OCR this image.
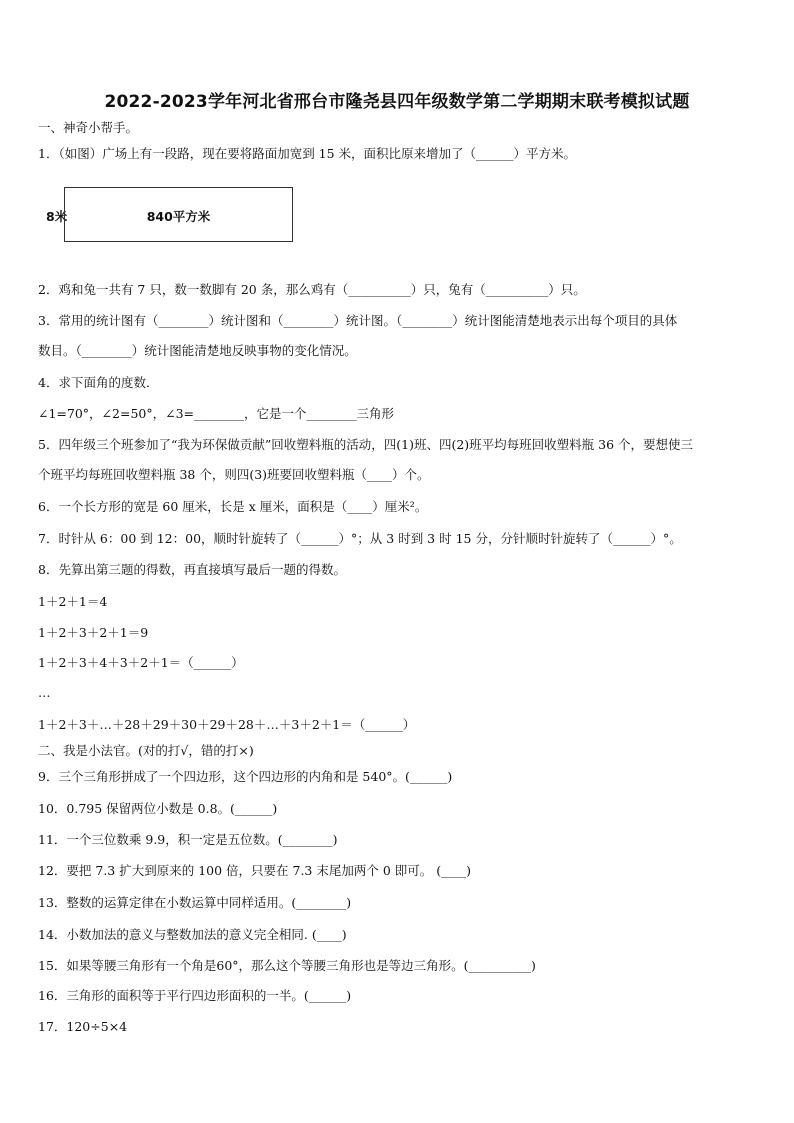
2022-2023学年河北省邢台市隆尧县四年级数学第二学期期末联考模拟试题
一、神奇小帮手。
1．（如图）广场上有一段路，现在要将路面加宽到 15 米，面积比原来增加了（______）平方米。
8米	840平方米
2．鸡和兔一共有 7 只，数一数脚有 20 条，那么鸡有（__________）只，兔有（__________）只。
3．常用的统计图有（________）统计图和（________）统计图。（________）统计图能清楚地表示出每个项目的具体
数目。（________）统计图能清楚地反映事物的变化情况。
4．求下面角的度数．
∠1=70°，∠2=50°，∠3=________，它是一个________三角形
5．四年级三个班参加了“我为环保做贡献”回收塑料瓶的活动，四(1)班、四(2)班平均每班回收塑料瓶 36 个，要想使三
个班平均每班回收塑料瓶 38 个，则四(3)班要回收塑料瓶（____）个。
6．一个长方形的宽是 60 厘米，长是 x 厘米，面积是（____）厘米²。
7．时针从 6：00 到 12：00，顺时针旋转了（______）°；从 3 时到 3 时 15 分，分针顺时针旋转了（______）°。
8．先算出第三题的得数，再直接填写最后一题的得数。
1＋2＋1＝4
1＋2＋3＋2＋1＝9
1＋2＋3＋4＋3＋2＋1＝（______）
…
1＋2＋3＋…＋28＋29＋30＋29＋28＋…＋3＋2＋1＝（______）
二、我是小法官。(对的打√，错的打×)
9．三个三角形拼成了一个四边形，这个四边形的内角和是 540°。(______)
10．0.795 保留两位小数是 0.8。(______)
11．一个三位数乘 9.9，积一定是五位数。(________)
12．要把 7.3 扩大到原来的 100 倍，只要在 7.3 末尾加两个 0 即可。 (____)
13．整数的运算定律在小数运算中同样适用。(________)
14．小数加法的意义与整数加法的意义完全相同. (____)
15．如果等腰三角形有一个角是60°，那么这个等腰三角形也是等边三角形。(__________)
16．三角形的面积等于平行四边形面积的一半。(______)
17．120÷5×4
